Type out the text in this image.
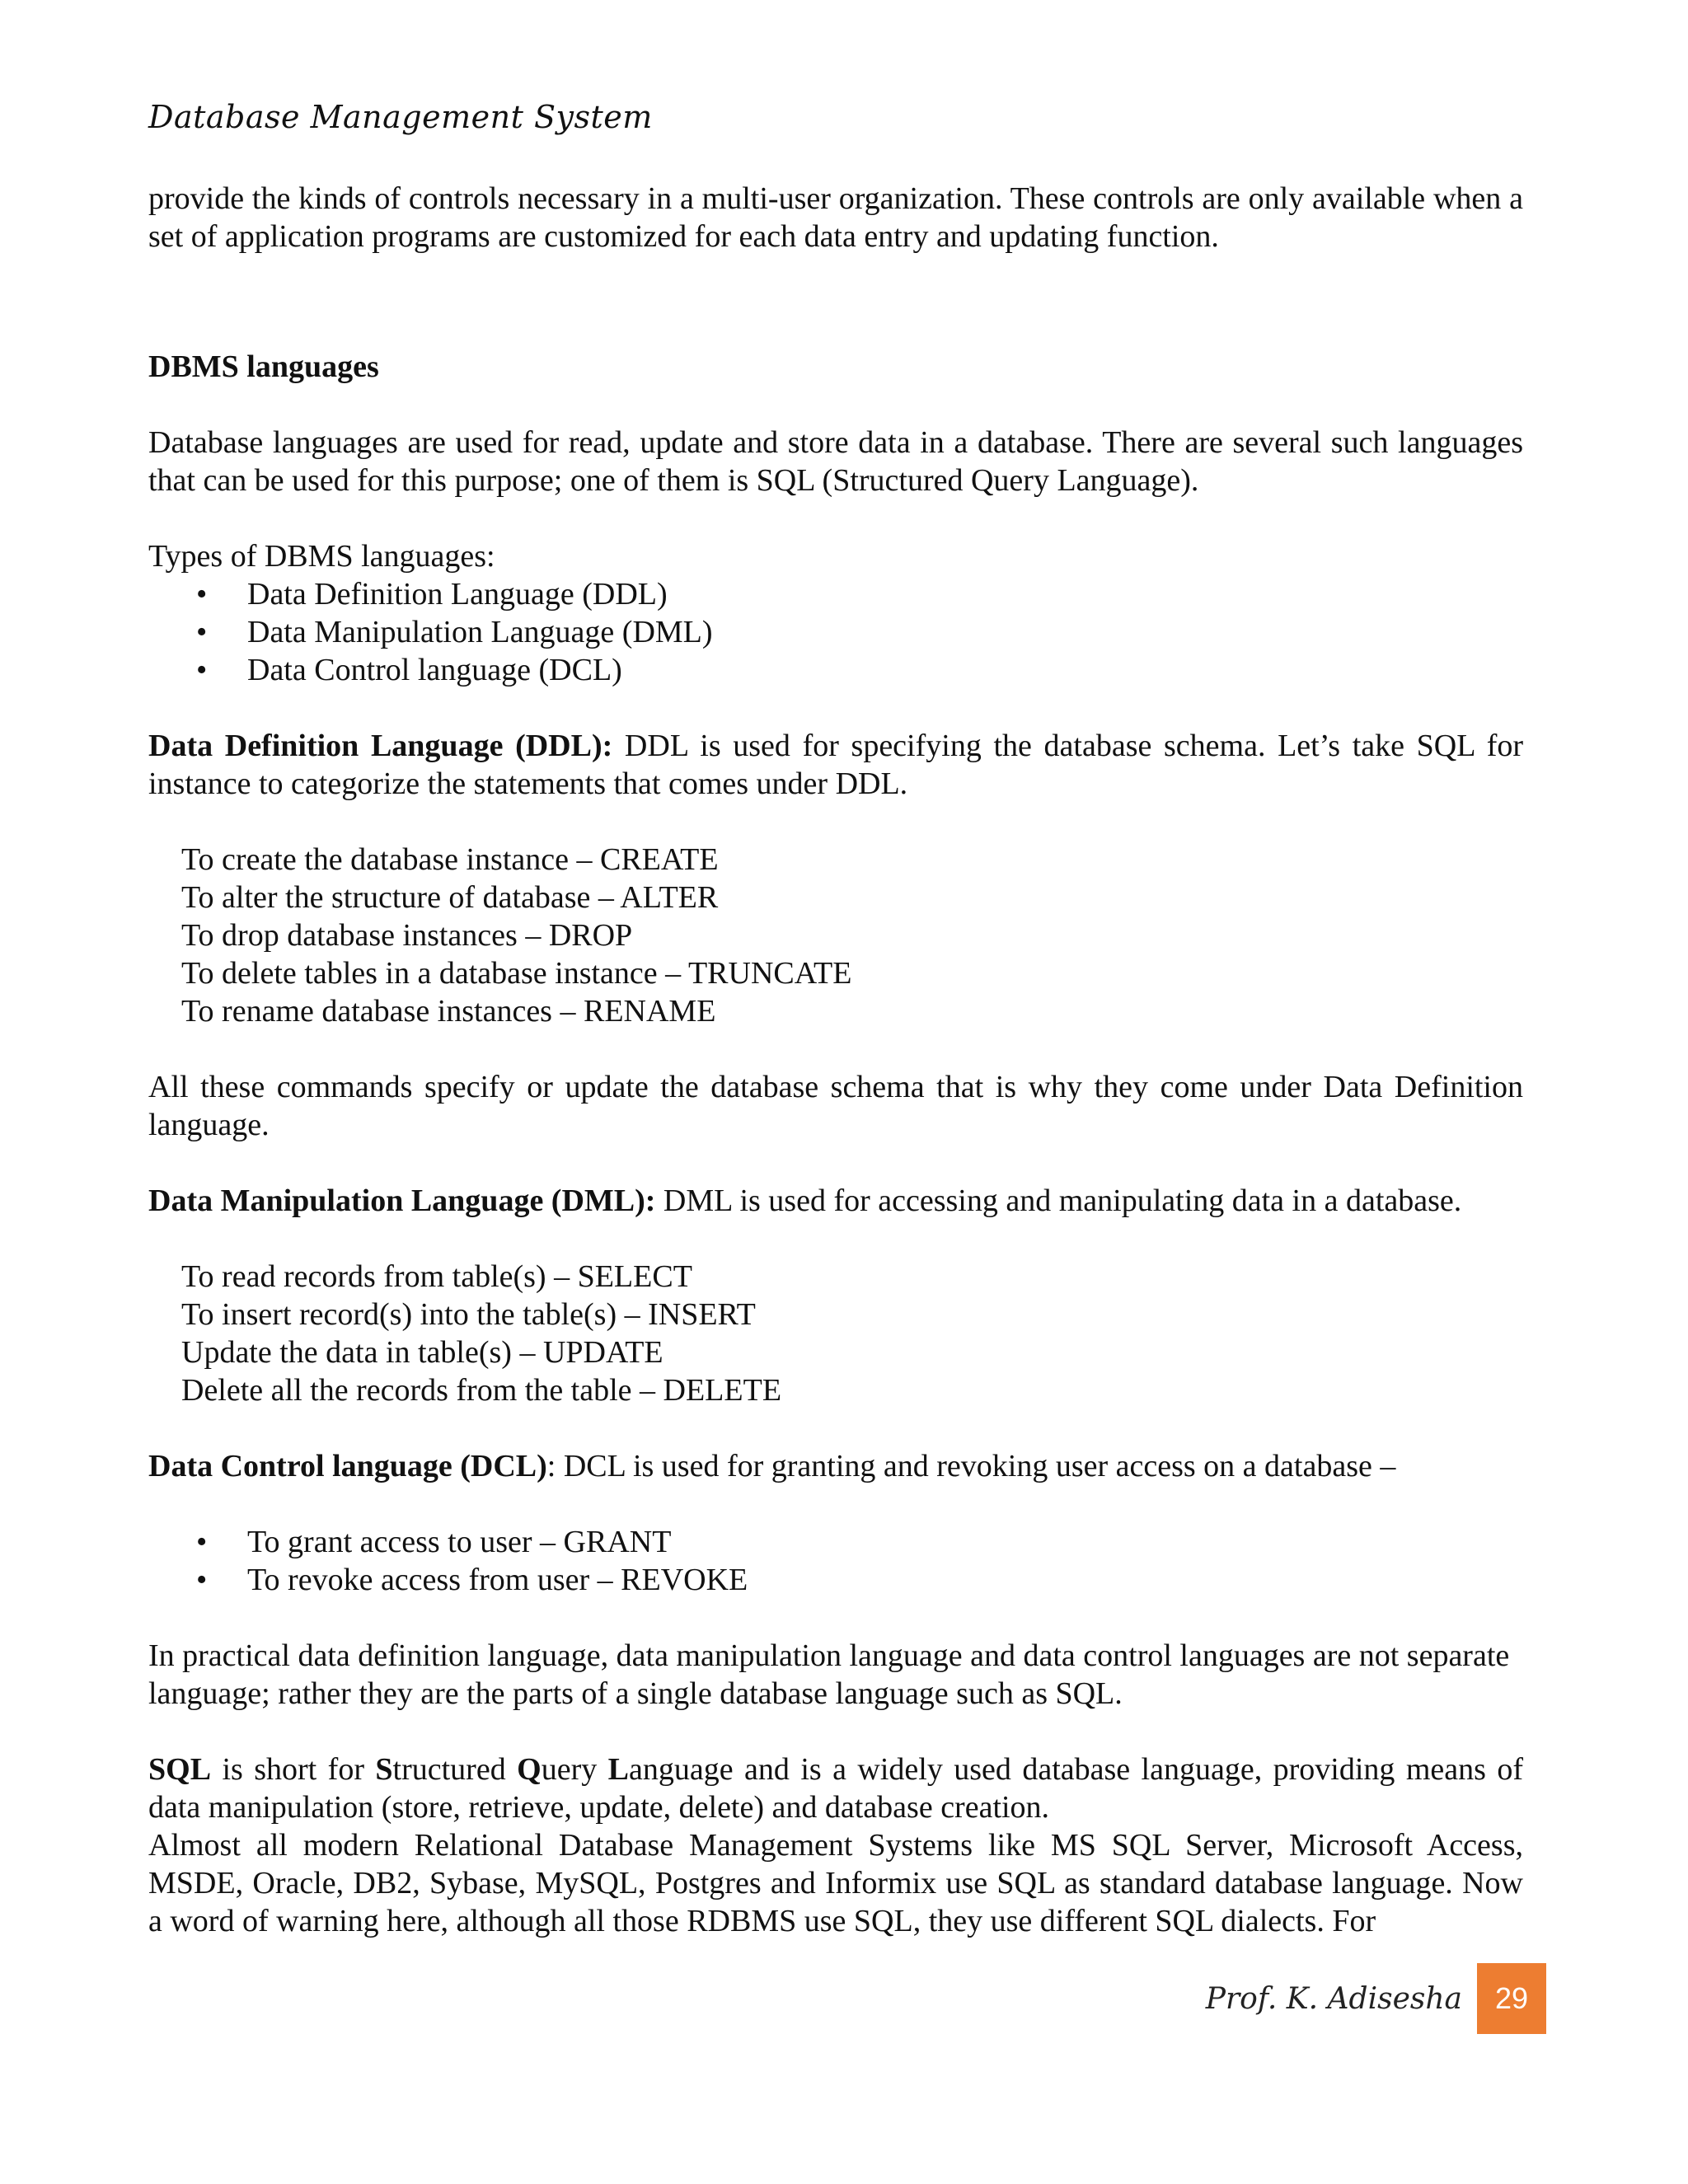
Database Management System

provide the kinds of controls necessary in a multi-user organization. These controls are only available when a set of application programs are customized for each data entry and updating function.

DBMS languages

Database languages are used for read, update and store data in a database. There are several such languages that can be used for this purpose; one of them is SQL (Structured Query Language).

Types of DBMS languages:

• Data Definition Language (DDL)
• Data Manipulation Language (DML)
• Data Control language (DCL)

Data Definition Language (DDL): DDL is used for specifying the database schema. Let’s take SQL for instance to categorize the statements that comes under DDL.

To create the database instance – CREATE

To alter the structure of database – ALTER

To drop database instances – DROP

To delete tables in a database instance – TRUNCATE

To rename database instances – RENAME

All these commands specify or update the database schema that is why they come under Data Definition language.

Data Manipulation Language (DML): DML is used for accessing and manipulating data in a database.

To read records from table(s) – SELECT

To insert record(s) into the table(s) – INSERT

Update the data in table(s) – UPDATE

Delete all the records from the table – DELETE

Data Control language (DCL): DCL is used for granting and revoking user access on a database –

• To grant access to user – GRANT
• To revoke access from user – REVOKE

In practical data definition language, data manipulation language and data control languages are not separate language; rather they are the parts of a single database language such as SQL.

SQL is short for Structured Query Language and is a widely used database language, providing means of data manipulation (store, retrieve, update, delete) and database creation.

Almost all modern Relational Database Management Systems like MS SQL Server, Microsoft Access, MSDE, Oracle, DB2, Sybase, MySQL, Postgres and Informix use SQL as standard database language. Now a word of warning here, although all those RDBMS use SQL, they use different SQL dialects. For

Prof. K. Adisesha	29
